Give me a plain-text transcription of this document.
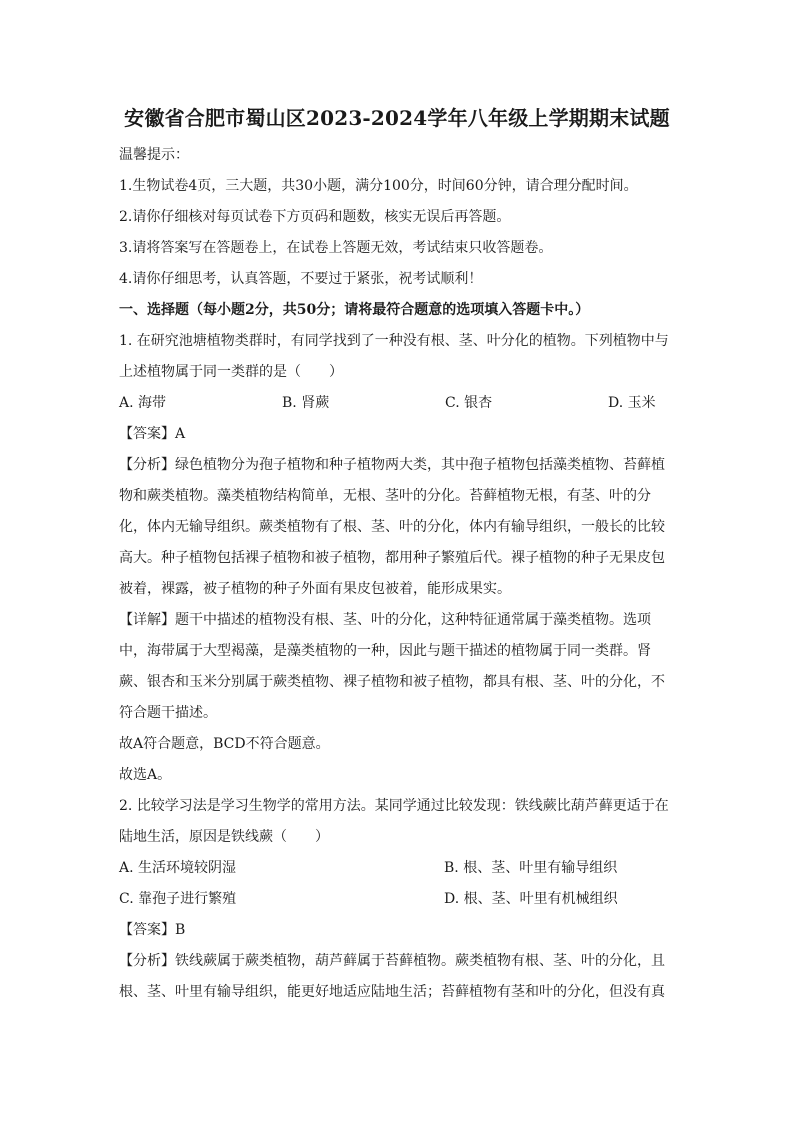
安徽省合肥市蜀山区2023-2024学年八年级上学期期末试题
温馨提示：
1.生物试卷4页，三大题，共30小题，满分100分，时间60分钟，请合理分配时间。
2.请你仔细核对每页试卷下方页码和题数，核实无误后再答题。
3.请将答案写在答题卷上，在试卷上答题无效，考试结束只收答题卷。
4.请你仔细思考，认真答题，不要过于紧张，祝考试顺利！
一、选择题（每小题2分，共50分；请将最符合题意的选项填入答题卡中。）
1. 在研究池塘植物类群时，有同学找到了一种没有根、茎、叶分化的植物。下列植物中与
上述植物属于同一类群的是（　　）
A. 海带	B. 肾蕨	C. 银杏	D. 玉米
【答案】A
【分析】绿色植物分为孢子植物和种子植物两大类，其中孢子植物包括藻类植物、苔藓植
物和蕨类植物。藻类植物结构简单，无根、茎叶的分化。苔藓植物无根，有茎、叶的分
化，体内无输导组织。蕨类植物有了根、茎、叶的分化，体内有输导组织，一般长的比较
高大。种子植物包括裸子植物和被子植物，都用种子繁殖后代。裸子植物的种子无果皮包
被着，裸露，被子植物的种子外面有果皮包被着，能形成果实。
【详解】题干中描述的植物没有根、茎、叶的分化，这种特征通常属于藻类植物。选项
中，海带属于大型褐藻，是藻类植物的一种，因此与题干描述的植物属于同一类群。肾
蕨、银杏和玉米分别属于蕨类植物、裸子植物和被子植物，都具有根、茎、叶的分化，不
符合题干描述。
故A符合题意，BCD不符合题意。
故选A。
2. 比较学习法是学习生物学的常用方法。某同学通过比较发现：铁线蕨比葫芦藓更适于在
陆地生活，原因是铁线蕨（　　）
A. 生活环境较阴湿	B. 根、茎、叶里有输导组织
C. 靠孢子进行繁殖	D. 根、茎、叶里有机械组织
【答案】B
【分析】铁线蕨属于蕨类植物，葫芦藓属于苔藓植物。蕨类植物有根、茎、叶的分化，且
根、茎、叶里有输导组织，能更好地适应陆地生活；苔藓植物有茎和叶的分化，但没有真
